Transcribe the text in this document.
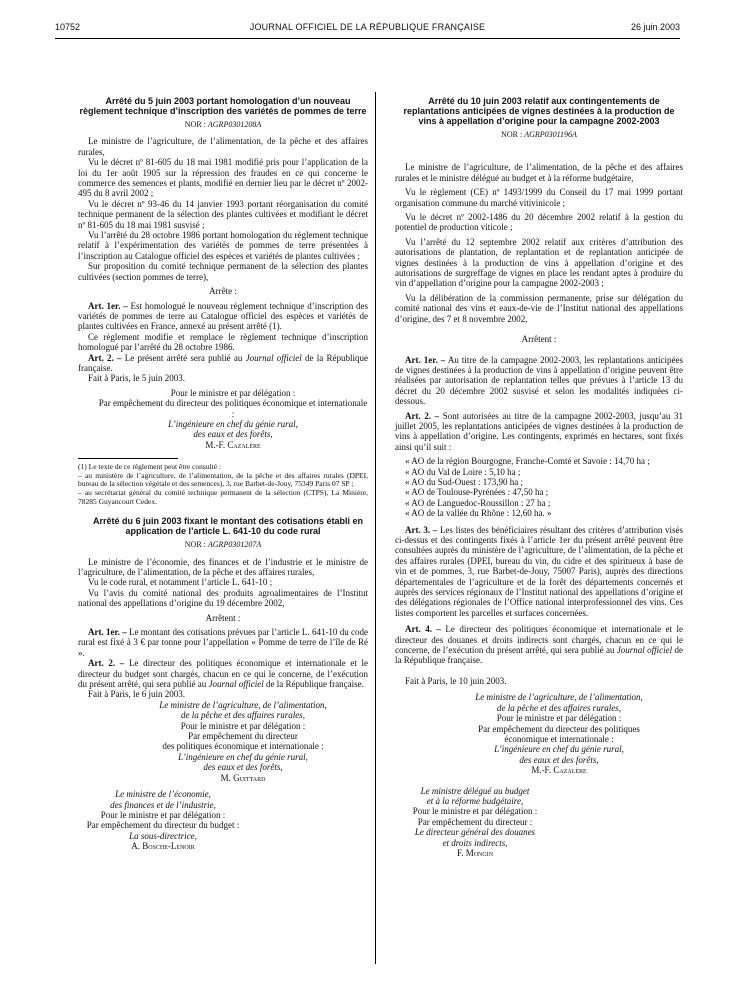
10752	JOURNAL OFFICIEL DE LA RÉPUBLIQUE FRANÇAISE	26 juin 2003

Arrêté du 5 juin 2003 portant homologation d’un nouveau règlement technique d’inscription des variétés de pommes de terre

NOR : AGRP0301208A

Le ministre de l’agriculture, de l’alimentation, de la pêche et des affaires rurales,

Vu le décret nº 81-605 du 18 mai 1981 modifié pris pour l’application de la loi du 1er août 1905 sur la répression des fraudes en ce qui concerne le commerce des semences et plants, modifié en dernier lieu par le décret nº 2002-495 du 8 avril 2002 ;

Vu le décret nº 93-46 du 14 janvier 1993 portant réorganisation du comité technique permanent de la sélection des plantes cultivées et modifiant le décret nº 81-605 du 18 mai 1981 susvisé ;

Vu l’arrêté du 28 octobre 1986 portant homologation du règlement technique relatif à l’expérimentation des variétés de pommes de terre présentées à l’inscription au Catalogue officiel des espèces et variétés de plantes cultivées ;

Sur proposition du comité technique permanent de la sélection des plantes cultivées (section pommes de terre),

Arrête :

Art. 1er. – Est homologué le nouveau règlement technique d’inscription des variétés de pommes de terre au Catalogue officiel des espèces et variétés de plantes cultivées en France, annexé au présent arrêté (1).

Ce règlement modifie et remplace le règlement technique d’inscription homologué par l’arrêté du 28 octobre 1986.

Art. 2. – Le présent arrêté sera publié au Journal officiel de la République française.

Fait à Paris, le 5 juin 2003.

Pour le ministre et par délégation :
Par empêchement du directeur des politiques économique et internationale :
L’ingénieure en chef du génie rural,
des eaux et des forêts,
M.-F. Cazalère

(1) Le texte de ce règlement peut être consulté :

– au ministère de l’agriculture, de l’alimentation, de la pêche et des affaires rurales (DPEI, bureau de la sélection végétale et des semences), 3, rue Barbet-de-Jouy, 75349 Paris 07 SP ;

– au secrétariat général du comité technique permanent de la sélection (CTPS), La Minière, 78285 Guyancourt Cedex.

Arrêté du 6 juin 2003 fixant le montant des cotisations établi en application de l’article L. 641-10 du code rural

NOR : AGRP0301207A

Le ministre de l’économie, des finances et de l’industrie et le ministre de l’agriculture, de l’alimentation, de la pêche et des affaires rurales,

Vu le code rural, et notamment l’article L. 641-10 ;

Vu l’avis du comité national des produits agroalimentaires de l’Institut national des appellations d’origine du 19 décembre 2002,

Arrêtent :

Art. 1er. – Le montant des cotisations prévues par l’article L. 641-10 du code rural est fixé à 3 € par tonne pour l’appellation « Pomme de terre de l’île de Ré ».

Art. 2. – Le directeur des politiques économique et internationale et le directeur du budget sont chargés, chacun en ce qui le concerne, de l’exécution du présent arrêté, qui sera publié au Journal officiel de la République française.

Fait à Paris, le 6 juin 2003.

Le ministre de l’agriculture, de l’alimentation,
de la pêche et des affaires rurales,
Pour le ministre et par délégation :
Par empêchement du directeur
des politiques économique et internationale :
L’ingénieure en chef du génie rural,
des eaux et des forêts,
M. Guittard
Le ministre de l’économie,
des finances et de l’industrie,
Pour le ministre et par délégation :
Par empêchement du directeur du budget :
La sous-directrice,
A. Bosche-Lenoir

Arrêté du 10 juin 2003 relatif aux contingentements de replantations anticipées de vignes destinées à la production de vins à appellation d’origine pour la campagne 2002-2003

NOR : AGRP0301196A

Le ministre de l’agriculture, de l’alimentation, de la pêche et des affaires rurales et le ministre délégué au budget et à la réforme budgétaire,

Vu le règlement (CE) nº 1493/1999 du Conseil du 17 mai 1999 portant organisation commune du marché vitivinicole ;

Vu le décret nº 2002-1486 du 20 décembre 2002 relatif à la gestion du potentiel de production viticole ;

Vu l’arrêté du 12 septembre 2002 relatif aux critères d’attribution des autorisations de plantation, de replantation et de replantation anticipée de vignes destinées à la production de vins à appellation d’origine et des autorisations de surgreffage de vignes en place les rendant aptes à produire du vin d’appellation d’origine pour la campagne 2002-2003 ;

Vu la délibération de la commission permanente, prise sur délégation du comité national des vins et eaux-de-vie de l’Institut national des appellations d’origine, des 7 et 8 novembre 2002,

Arrêtent :

Art. 1er. – Au titre de la campagne 2002-2003, les replantations anticipées de vignes destinées à la production de vins à appellation d’origine peuvent être réalisées par autorisation de replantation telles que prévues à l’article 13 du décret du 20 décembre 2002 susvisé et selon les modalités indiquées ci-dessous.

Art. 2. – Sont autorisées au titre de la campagne 2002-2003, jusqu’au 31 juillet 2005, les replantations anticipées de vignes destinées à la production de vins à appellation d’origine. Les contingents, exprimés en hectares, sont fixés ainsi qu’il suit :

« AO de la région Bourgogne, Franche-Comté et Savoie : 14,70 ha ;

« AO du Val de Loire : 5,10 ha ;

« AO du Sud-Ouest : 173,90 ha ;

« AO de Toulouse-Pyrénées : 47,50 ha ;

« AO de Languedoc-Roussillon : 27 ha ;

« AO de la vallée du Rhône : 12,60 ha. »

Art. 3. – Les listes des bénéficiaires résultant des critères d’attribution visés ci-dessus et des contingents fixés à l’article 1er du présent arrêté peuvent être consultées auprès du ministère de l’agriculture, de l’alimentation, de la pêche et des affaires rurales (DPEI, bureau du vin, du cidre et des spiritueux à base de vin et de pommes, 3, rue Barbet-de-Jouy, 75007 Paris), auprès des directions départementales de l’agriculture et de la forêt des départements concernés et auprès des services régionaux de l’Institut national des appellations d’origine et des délégations régionales de l’Office national interprofessionnel des vins. Ces listes comportent les parcelles et surfaces concernées.

Art. 4. – Le directeur des politiques économique et internationale et le directeur des douanes et droits indirects sont chargés, chacun en ce qui le concerne, de l’exécution du présent arrêté, qui sera publié au Journal officiel de la République française.

Fait à Paris, le 10 juin 2003.

Le ministre de l’agriculture, de l’alimentation,
de la pêche et des affaires rurales,
Pour le ministre et par délégation :
Par empêchement du directeur des politiques
économique et internationale :
L’ingénieure en chef du génie rural,
des eaux et des forêts,
M.-F. Cazalère
Le ministre délégué au budget
et à la réforme budgétaire,
Pour le ministre et par délégation :
Par empêchement du directeur :
Le directeur général des douanes
et droits indirects,
F. Mongin
